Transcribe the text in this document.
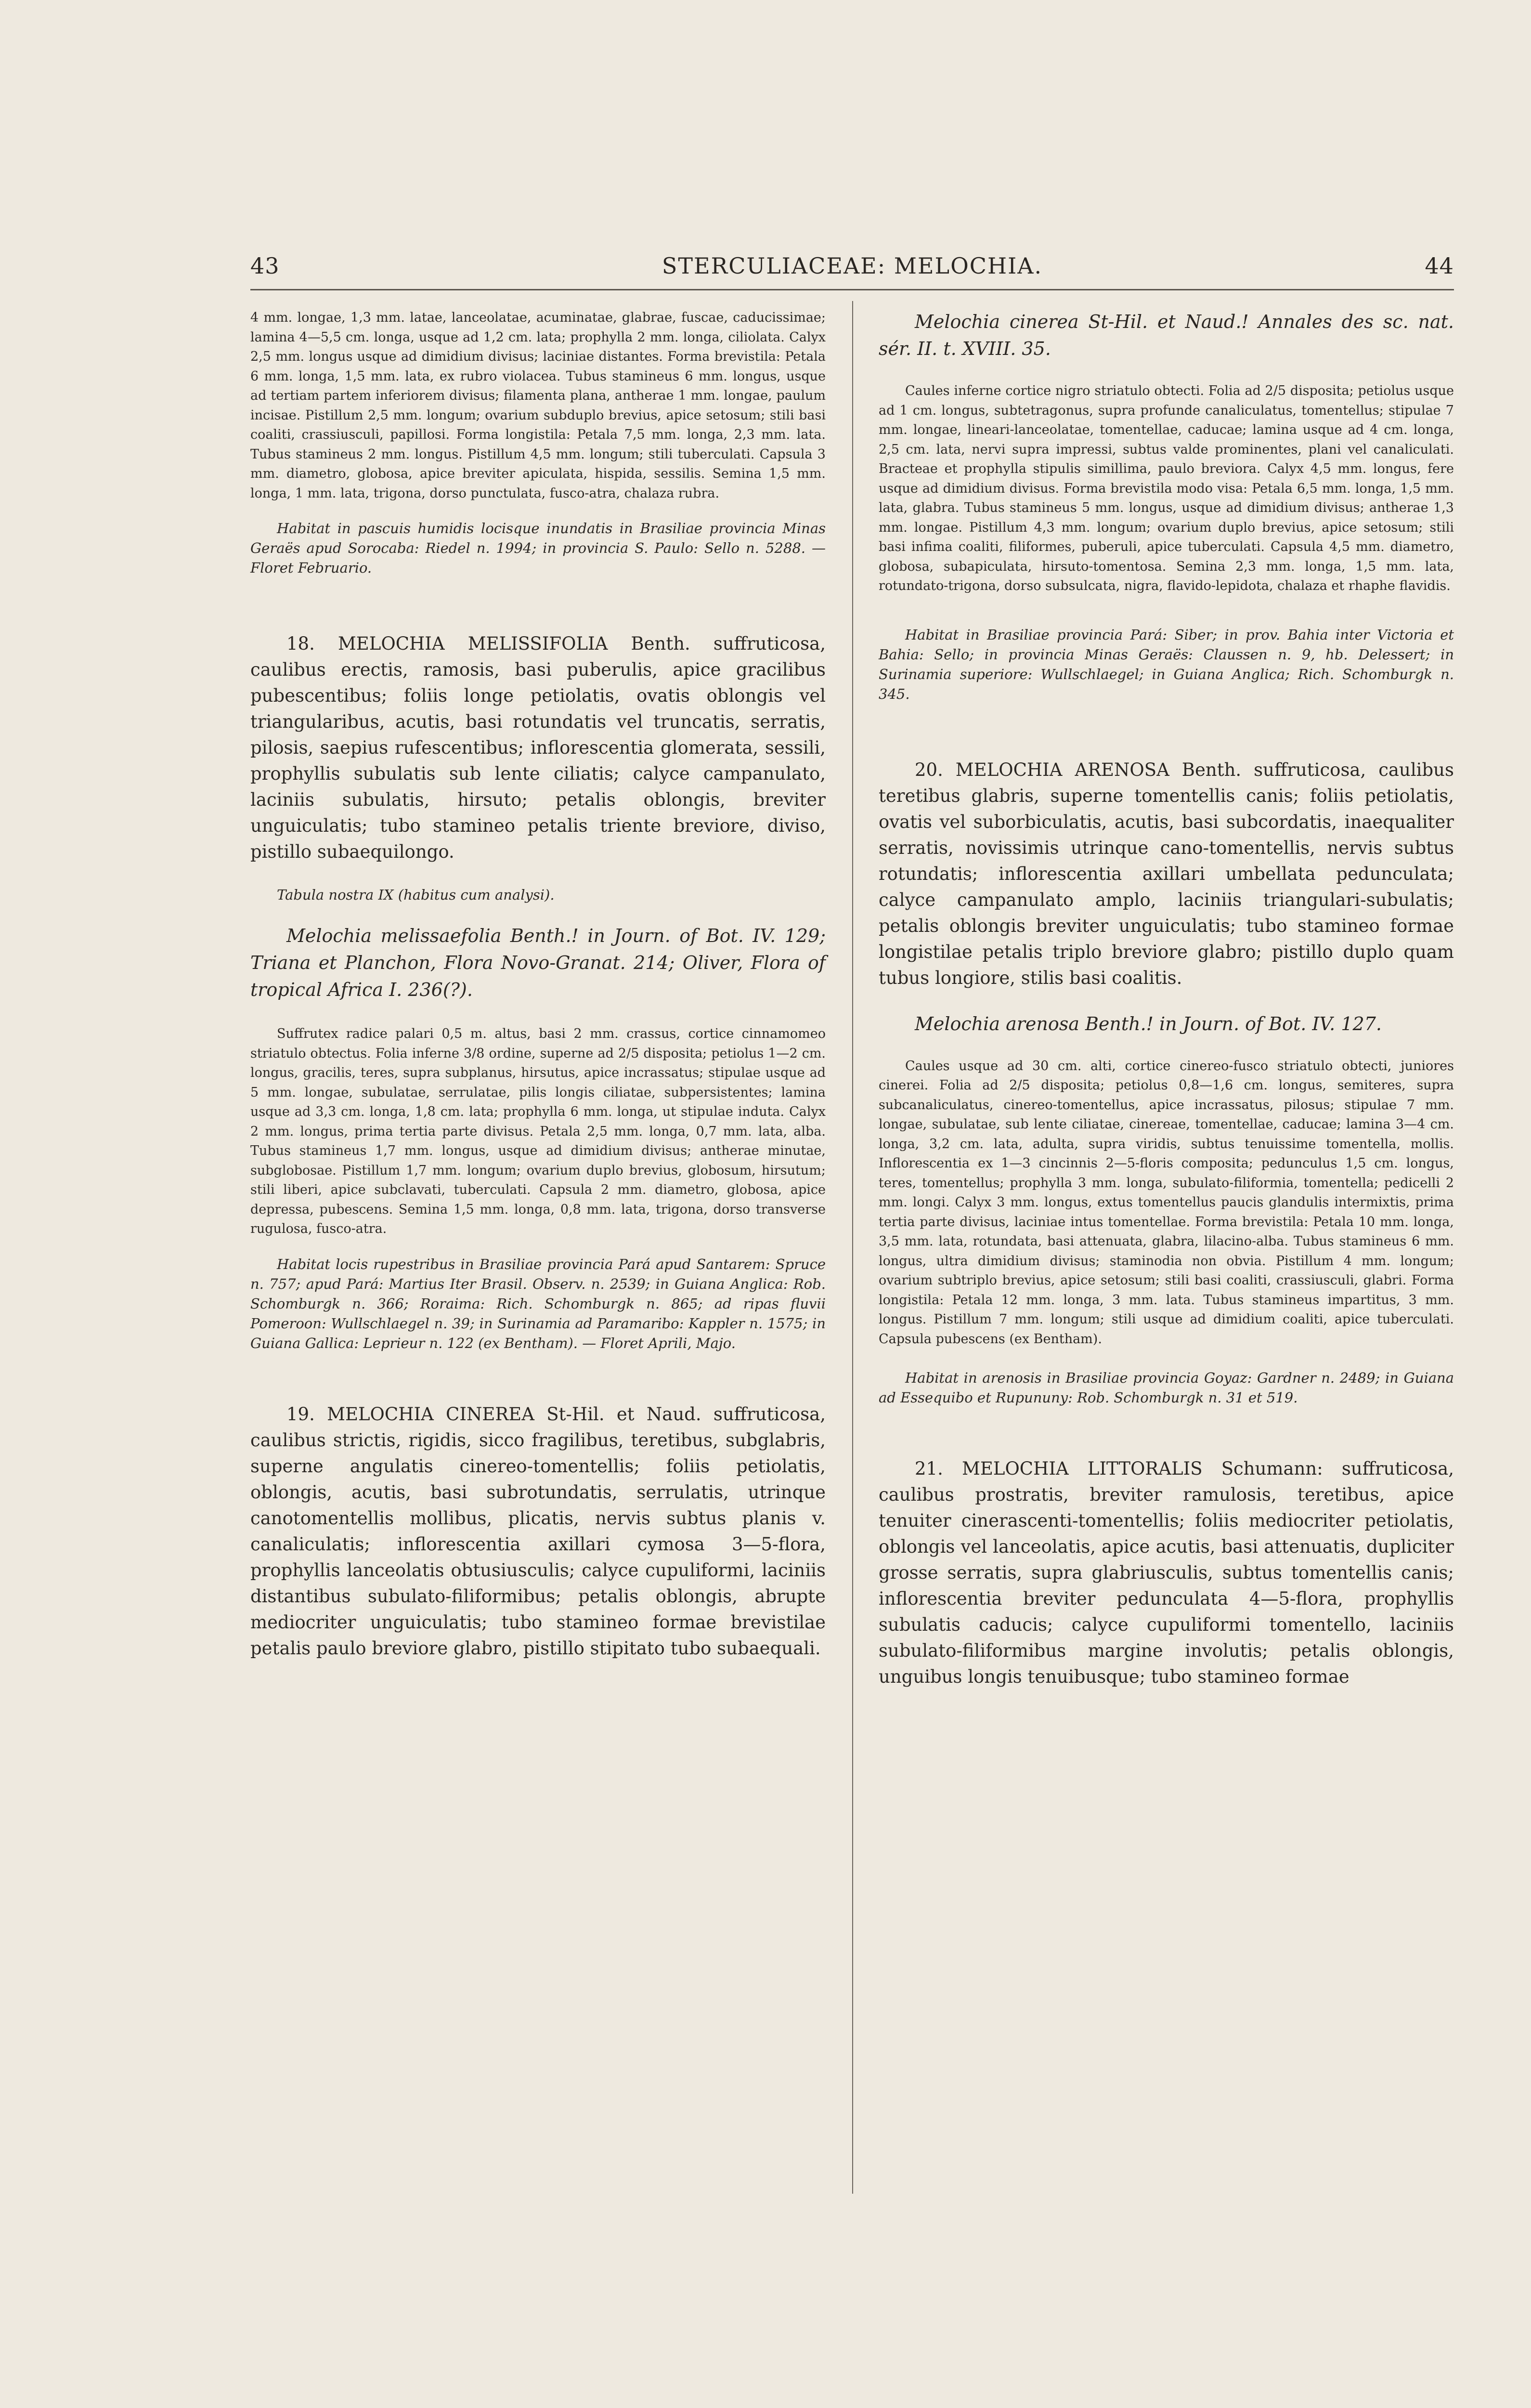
43	STERCULIACEAE: MELOCHIA.	44

4 mm. longae, 1,3 mm. latae, lanceolatae, acuminatae, glabrae, fuscae, caducissimae; lamina 4—5,5 cm. longa, usque ad 1,2 cm. lata; prophylla 2 mm. longa, ciliolata. Calyx 2,5 mm. longus usque ad dimidium divisus; laciniae distantes. Forma brevistila: Petala 6 mm. longa, 1,5 mm. lata, ex rubro violacea. Tubus stamineus 6 mm. longus, usque ad tertiam partem inferiorem divisus; filamenta plana, antherae 1 mm. longae, paulum incisae. Pistillum 2,5 mm. longum; ovarium subduplo brevius, apice setosum; stili basi coaliti, crassiusculi, papillosi. Forma longistila: Petala 7,5 mm. longa, 2,3 mm. lata. Tubus stamineus 2 mm. longus. Pistillum 4,5 mm. longum; stili tuberculati. Capsula 3 mm. diametro, globosa, apice breviter apiculata, hispida, sessilis. Semina 1,5 mm. longa, 1 mm. lata, trigona, dorso punctulata, fusco-atra, chalaza rubra.

Habitat in pascuis humidis locisque inundatis in Brasiliae provincia Minas Geraës apud Sorocaba: Riedel n. 1994; in provincia S. Paulo: Sello n. 5288. — Floret Februario.

18. MELOCHIA MELISSIFOLIA Benth. suffruticosa, caulibus erectis, ramosis, basi puberulis, apice gracilibus pubescentibus; foliis longe petiolatis, ovatis oblongis vel triangularibus, acutis, basi rotundatis vel truncatis, serratis, pilosis, saepius rufescentibus; inflorescentia glomerata, sessili, prophyllis subulatis sub lente ciliatis; calyce campanulato, laciniis subulatis, hirsuto; petalis oblongis, breviter unguiculatis; tubo stamineo petalis triente breviore, diviso, pistillo subaequilongo.

Tabula nostra IX (habitus cum analysi).

Melochia melissaefolia Benth.! in Journ. of Bot. IV. 129; Triana et Planchon, Flora Novo-Granat. 214; Oliver, Flora of tropical Africa I. 236(?).

Suffrutex radice palari 0,5 m. altus, basi 2 mm. crassus, cortice cinnamomeo striatulo obtectus. Folia inferne 3/8 ordine, superne ad 2/5 disposita; petiolus 1—2 cm. longus, gracilis, teres, supra subplanus, hirsutus, apice incrassatus; stipulae usque ad 5 mm. longae, subulatae, serrulatae, pilis longis ciliatae, subpersistentes; lamina usque ad 3,3 cm. longa, 1,8 cm. lata; prophylla 6 mm. longa, ut stipulae induta. Calyx 2 mm. longus, prima tertia parte divisus. Petala 2,5 mm. longa, 0,7 mm. lata, alba. Tubus stamineus 1,7 mm. longus, usque ad dimidium divisus; antherae minutae, subglobosae. Pistillum 1,7 mm. longum; ovarium duplo brevius, globosum, hirsutum; stili liberi, apice subclavati, tuberculati. Capsula 2 mm. diametro, globosa, apice depressa, pubescens. Semina 1,5 mm. longa, 0,8 mm. lata, trigona, dorso transverse rugulosa, fusco-atra.

Habitat locis rupestribus in Brasiliae provincia Pará apud Santarem: Spruce n. 757; apud Pará: Martius Iter Brasil. Observ. n. 2539; in Guiana Anglica: Rob. Schomburgk n. 366; Roraima: Rich. Schomburgk n. 865; ad ripas fluvii Pomeroon: Wullschlaegel n. 39; in Surinamia ad Paramaribo: Kappler n. 1575; in Guiana Gallica: Leprieur n. 122 (ex Bentham). — Floret Aprili, Majo.

19. MELOCHIA CINEREA St-Hil. et Naud. suffruticosa, caulibus strictis, rigidis, sicco fragilibus, teretibus, subglabris, superne angulatis cinereo-tomentellis; foliis petiolatis, oblongis, acutis, basi subrotundatis, serrulatis, utrinque canotomentellis mollibus, plicatis, nervis subtus planis v. canaliculatis; inflorescentia axillari cymosa 3—5-flora, prophyllis lanceolatis obtusiusculis; calyce cupuliformi, laciniis distantibus subulato-filiformibus; petalis oblongis, abrupte mediocriter unguiculatis; tubo stamineo formae brevistilae petalis paulo breviore glabro, pistillo stipitato tubo subaequali.

Melochia cinerea St-Hil. et Naud.! Annales des sc. nat. sér. II. t. XVIII. 35.

Caules inferne cortice nigro striatulo obtecti. Folia ad 2/5 disposita; petiolus usque ad 1 cm. longus, subtetragonus, supra profunde canaliculatus, tomentellus; stipulae 7 mm. longae, lineari-lanceolatae, tomentellae, caducae; lamina usque ad 4 cm. longa, 2,5 cm. lata, nervi supra impressi, subtus valde prominentes, plani vel canaliculati. Bracteae et prophylla stipulis simillima, paulo breviora. Calyx 4,5 mm. longus, fere usque ad dimidium divisus. Forma brevistila modo visa: Petala 6,5 mm. longa, 1,5 mm. lata, glabra. Tubus stamineus 5 mm. longus, usque ad dimidium divisus; antherae 1,3 mm. longae. Pistillum 4,3 mm. longum; ovarium duplo brevius, apice setosum; stili basi infima coaliti, filiformes, puberuli, apice tuberculati. Capsula 4,5 mm. diametro, globosa, subapiculata, hirsuto-tomentosa. Semina 2,3 mm. longa, 1,5 mm. lata, rotundato-trigona, dorso subsulcata, nigra, flavido-lepidota, chalaza et rhaphe flavidis.

Habitat in Brasiliae provincia Pará: Siber; in prov. Bahia inter Victoria et Bahia: Sello; in provincia Minas Geraës: Claussen n. 9, hb. Delessert; in Surinamia superiore: Wullschlaegel; in Guiana Anglica; Rich. Schomburgk n. 345.

20. MELOCHIA ARENOSA Benth. suffruticosa, caulibus teretibus glabris, superne tomentellis canis; foliis petiolatis, ovatis vel suborbiculatis, acutis, basi subcordatis, inaequaliter serratis, novissimis utrinque cano-tomentellis, nervis subtus rotundatis; inflorescentia axillari umbellata pedunculata; calyce campanulato amplo, laciniis triangulari-subulatis; petalis oblongis breviter unguiculatis; tubo stamineo formae longistilae petalis triplo breviore glabro; pistillo duplo quam tubus longiore, stilis basi coalitis.

Melochia arenosa Benth.! in Journ. of Bot. IV. 127.

Caules usque ad 30 cm. alti, cortice cinereo-fusco striatulo obtecti, juniores cinerei. Folia ad 2/5 disposita; petiolus 0,8—1,6 cm. longus, semiteres, supra subcanaliculatus, cinereo-tomentellus, apice incrassatus, pilosus; stipulae 7 mm. longae, subulatae, sub lente ciliatae, cinereae, tomentellae, caducae; lamina 3—4 cm. longa, 3,2 cm. lata, adulta, supra viridis, subtus tenuissime tomentella, mollis. Inflorescentia ex 1—3 cincinnis 2—5-floris composita; pedunculus 1,5 cm. longus, teres, tomentellus; prophylla 3 mm. longa, subulato-filiformia, tomentella; pedicelli 2 mm. longi. Calyx 3 mm. longus, extus tomentellus paucis glandulis intermixtis, prima tertia parte divisus, laciniae intus tomentellae. Forma brevistila: Petala 10 mm. longa, 3,5 mm. lata, rotundata, basi attenuata, glabra, lilacino-alba. Tubus stamineus 6 mm. longus, ultra dimidium divisus; staminodia non obvia. Pistillum 4 mm. longum; ovarium subtriplo brevius, apice setosum; stili basi coaliti, crassiusculi, glabri. Forma longistila: Petala 12 mm. longa, 3 mm. lata. Tubus stamineus impartitus, 3 mm. longus. Pistillum 7 mm. longum; stili usque ad dimidium coaliti, apice tuberculati. Capsula pubescens (ex Bentham).

Habitat in arenosis in Brasiliae provincia Goyaz: Gardner n. 2489; in Guiana ad Essequibo et Rupununy: Rob. Schomburgk n. 31 et 519.

21. MELOCHIA LITTORALIS Schumann: suffruticosa, caulibus prostratis, breviter ramulosis, teretibus, apice tenuiter cinerascenti-tomentellis; foliis mediocriter petiolatis, oblongis vel lanceolatis, apice acutis, basi attenuatis, dupliciter grosse serratis, supra glabriusculis, subtus tomentellis canis; inflorescentia breviter pedunculata 4—5-flora, prophyllis subulatis caducis; calyce cupuliformi tomentello, laciniis subulato-filiformibus margine involutis; petalis oblongis, unguibus longis tenuibusque; tubo stamineo formae
